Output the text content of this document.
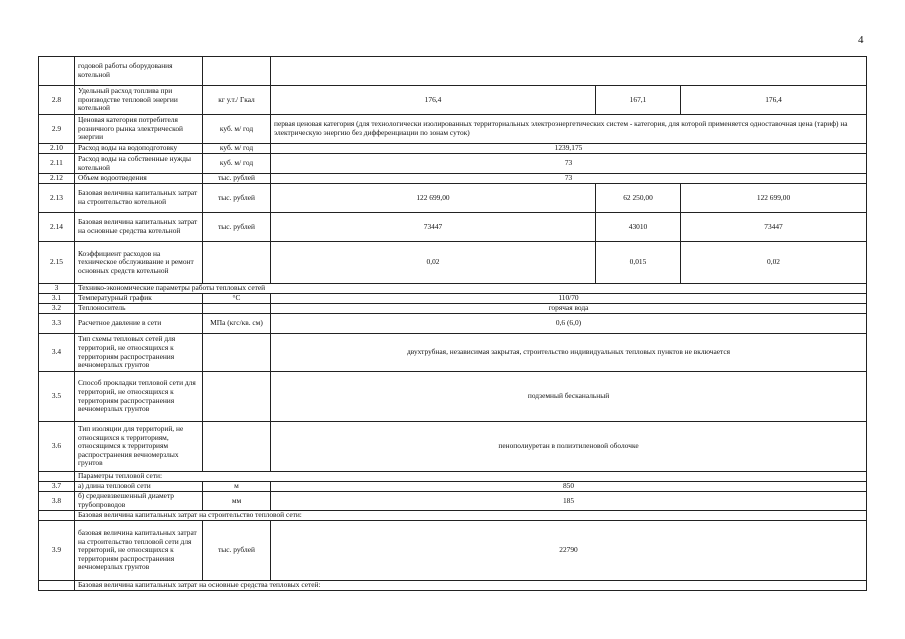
4
	годовой работы оборудования котельной				
2.8	Удельный расход топлива при производстве тепловой энергии котельной	кг у.т./ Гкал	176,4	167,1	176,4
2.9	Ценовая категория потребителя розничного рынка электрической энергии	куб. м/ год	первая ценовая категория (для технологически изолированных территориальных электроэнергетических систем - категория, для которой применяется одноставочная цена (тариф) на электрическую энергию без дифференциации по зонам суток)		
2.10	Расход воды на водоподготовку	куб. м/ год	1239,175		
2.11	Расход воды на собственные нужды котельной	куб. м/ год	73		
2.12	Объем водоотведения	тыс. рублей	73		
2.13	Базовая величина капитальных затрат на строительство котельной	тыс. рублей	122 699,00	62 250,00	122 699,00
2.14	Базовая величина капитальных затрат на основные средства котельной	тыс. рублей	73447	43010	73447
2.15	Коэффициент расходов на техническое обслуживание и ремонт основных средств котельной		0,02	0,015	0,02
3	Технико-экономические параметры работы тепловых сетей				
3.1	Температурный график	°С	110/70		
3.2	Теплоноситель		горячая вода		
3.3	Расчетное давление в сети	МПа (кгс/кв. см)	0,6 (6,0)		
3.4	Тип схемы тепловых сетей для территорий, не относящихся к территориям распространения вечномерзлых грунтов		двухтрубная, независимая закрытая, строительство индивидуальных тепловых пунктов не включается		
3.5	Способ прокладки тепловой сети для территорий, не относящихся к территориям распространения вечномерзлых грунтов		подземный бесканальный		
3.6	Тип изоляции для территорий, не относящихся к территориям, относящимся к территориям распространения вечномерзлых грунтов		пенополиуретан в полиэтиленовой оболочке		
	Параметры тепловой сети:				
3.7	а) длина тепловой сети	м	850		
3.8	б) средневзвешенный диаметр трубопроводов	мм	185		
	Базовая величина капитальных затрат на строительство тепловой сети:				
3.9	базовая величина капитальных затрат на строительство тепловой сети для территорий, не относящихся к территориям распространения вечномерзлых грунтов	тыс. рублей	22790		
	Базовая величина капитальных затрат на основные средства тепловых сетей:				
